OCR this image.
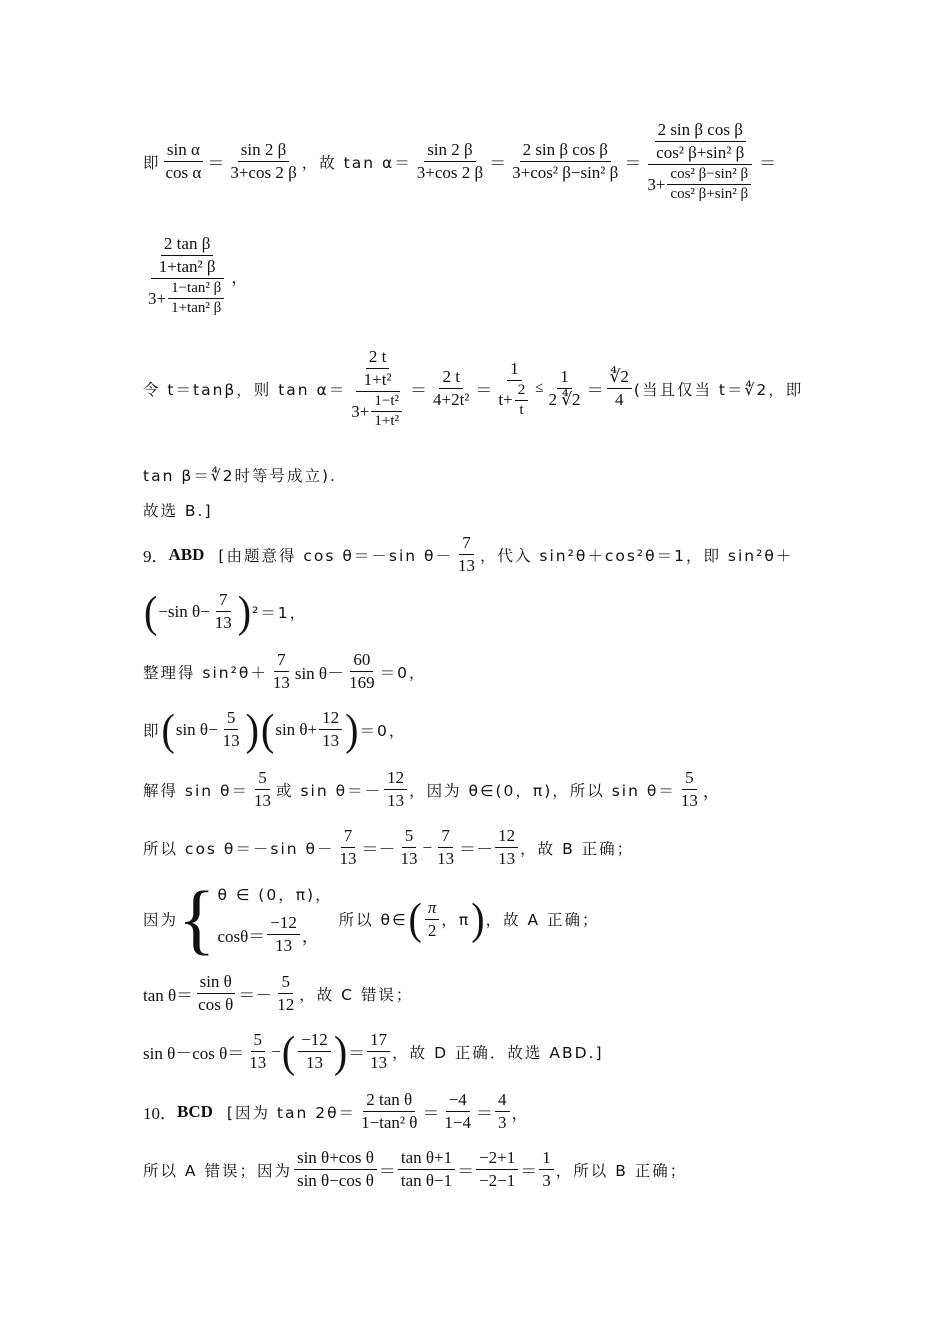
即 $\frac{\text{sin α}}{\text{cos α}} = \frac{\sin 2 \beta}{3+\cos 2 \beta}$ ，故 $\tan \alpha= \frac{\sin 2 \beta}{3+\cos 2 \beta} = \frac{\text{2 sin β cos β}}{\text{3+cos² β−sin² β}} = \frac{\frac{\text{2 sin β cos β}}{\text{cos² β+sin² β}}}{3+ \frac{\text{cos² β−sin² β}}{\text{cos² β+sin² β}}}$ ＝
$\frac{\frac{\text{2 tan β}}{\text{1+tan² β}}}{3+ \frac{\text{1−tan² β}}{\text{1+tan² β}}}$ ，
令 t＝tanβ，则 $\tan \alpha= \frac{\frac{2 t}{\text{1+t²}}}{3+ \frac{\text{1−t²}}{\text{1+t²}}} = \frac{2 t}{\text{4+2t²}} = \frac{1}{t+ \frac{2}{t}} \le \frac{1}{2 ∜2} = \frac{∜2}{4}$ (当且仅当 t＝∜2，即
tan β＝∜2时等号成立).
故选 B.]
9． ABD [由题意得 cos θ＝－sin $\theta- \frac{7}{13}$ ，代入 sin²θ＋cos²θ＝1，即 sin²θ＋
( −sin $\theta- \frac{7}{13}$ ) ²＝1，
整理得 $\sin^2\theta+ \frac{7}{13}$ $\sin \theta- \frac{60}{169} =0$，
即 ( $\sin \theta- \frac{5}{13}$ ) ( $\sin \theta+ \frac{12}{13}$ ) ＝0，
解得 $\sin \theta= \frac{5}{13}$ 或 $\sin \theta=- \frac{12}{13}$ ，因为 θ∈(0，π)，所以 $\sin \theta= \frac{5}{13}$ ，
所以 cos θ＝－sin $\theta- \frac{7}{13} =- \frac{5}{13} - \frac{7}{13} =- \frac{12}{13}$ ，故 B 正确；
因为 { θ ∈ (0，π)，
$\cos\theta= \frac{-12}{13}$ ，
所以 θ∈ ( $\frac{\pi}{2}$ ，π ) ，故 A 正确；
$\tan \theta= \frac{\text{sin θ}}{\text{cos θ}} =- \frac{5}{12}$ ，故 C 错误；
sin θ－cos $\theta= \frac{5}{13}$ − ( $\frac{-12}{13}$ ) ＝ $\frac{17}{13}$ ，故 D 正确．故选 ABD.]
10． BCD [因为 $\tan 2\theta= \frac{\text{2 tan θ}}{\text{1−tan² θ}} = \frac{-4}{1-4} = \frac{4}{3}$ ，
所以 A 错误；因为 $\frac{\text{sin θ+cos θ}}{\text{sin θ−cos θ}} = \frac{\text{tan θ+1}}{\text{tan θ−1}} = \frac{-2+1}{-2-1} = \frac{1}{3}$ ，所以 B 正确；
